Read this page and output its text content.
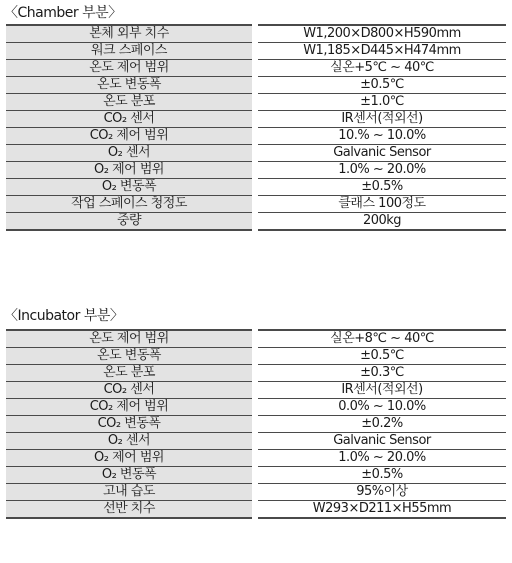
〈Chamber 부분〉
본체 외부 치수		W1,200×D800×H590mm
워크 스페이스		W1,185×D445×H474mm
온도 제어 범위		실온+5℃ ~ 40℃
온도 변동폭		±0.5℃
온도 분포		±1.0℃
CO₂ 센서		IR센서(적외선)
CO₂ 제어 범위		10.% ~ 10.0%
O₂ 센서		Galvanic Sensor
O₂ 제어 범위		1.0% ~ 20.0%
O₂ 변동폭		±0.5%
작업 스페이스 청정도		클래스 100정도
중량		200kg
〈Incubator 부분〉
온도 제어 범위		실온+8℃ ~ 40℃
온도 변동폭		±0.5℃
온도 분포		±0.3℃
CO₂ 센서		IR센서(적외선)
CO₂ 제어 범위		0.0% ~ 10.0%
CO₂ 변동폭		±0.2%
O₂ 센서		Galvanic Sensor
O₂ 제어 범위		1.0% ~ 20.0%
O₂ 변동폭		±0.5%
고내 습도		95%이상
선반 치수		W293×D211×H55mm
